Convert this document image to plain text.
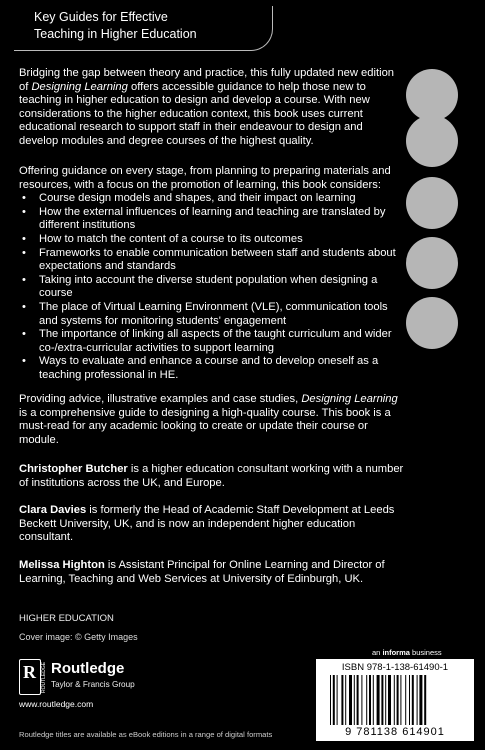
Key Guides for Effective
Teaching in Higher Education

Bridging the gap between theory and practice, this fully updated new edition of Designing Learning offers accessible guidance to help those new to teaching in higher education to design and develop a course. With new considerations to the higher education context, this book uses current educational research to support staff in their endeavour to design and develop modules and degree courses of the highest quality.

Offering guidance on every stage, from planning to preparing materials and resources, with a focus on the promotion of learning, this book considers:

• Course design models and shapes, and their impact on learning
• How the external influences of learning and teaching are translated by different institutions
• How to match the content of a course to its outcomes
• Frameworks to enable communication between staff and students about expectations and standards
• Taking into account the diverse student population when designing a course
• The place of Virtual Learning Environment (VLE), communication tools and systems for monitoring students' engagement
• The importance of linking all aspects of the taught curriculum and wider co-/extra-curricular activities to support learning
• Ways to evaluate and enhance a course and to develop oneself as a teaching professional in HE.

Providing advice, illustrative examples and case studies, Designing Learning is a comprehensive guide to designing a high-quality course. This book is a must-read for any academic looking to create or update their course or module.

Christopher Butcher is a higher education consultant working with a number of institutions across the UK, and Europe.

Clara Davies is formerly the Head of Academic Staff Development at Leeds Beckett University, UK, and is now an independent higher education consultant.

Melissa Highton is Assistant Principal for Online Learning and Director of Learning, Teaching and Web Services at University of Edinburgh, UK.

HIGHER EDUCATION
Cover image: © Getty Images
R ROUTLEDGE Routledge
Taylor & Francis Group
www.routledge.com
an informa business
ISBN 978-1-138-61490-1
9 781138 614901
Routledge titles are available as eBook editions in a range of digital formats
